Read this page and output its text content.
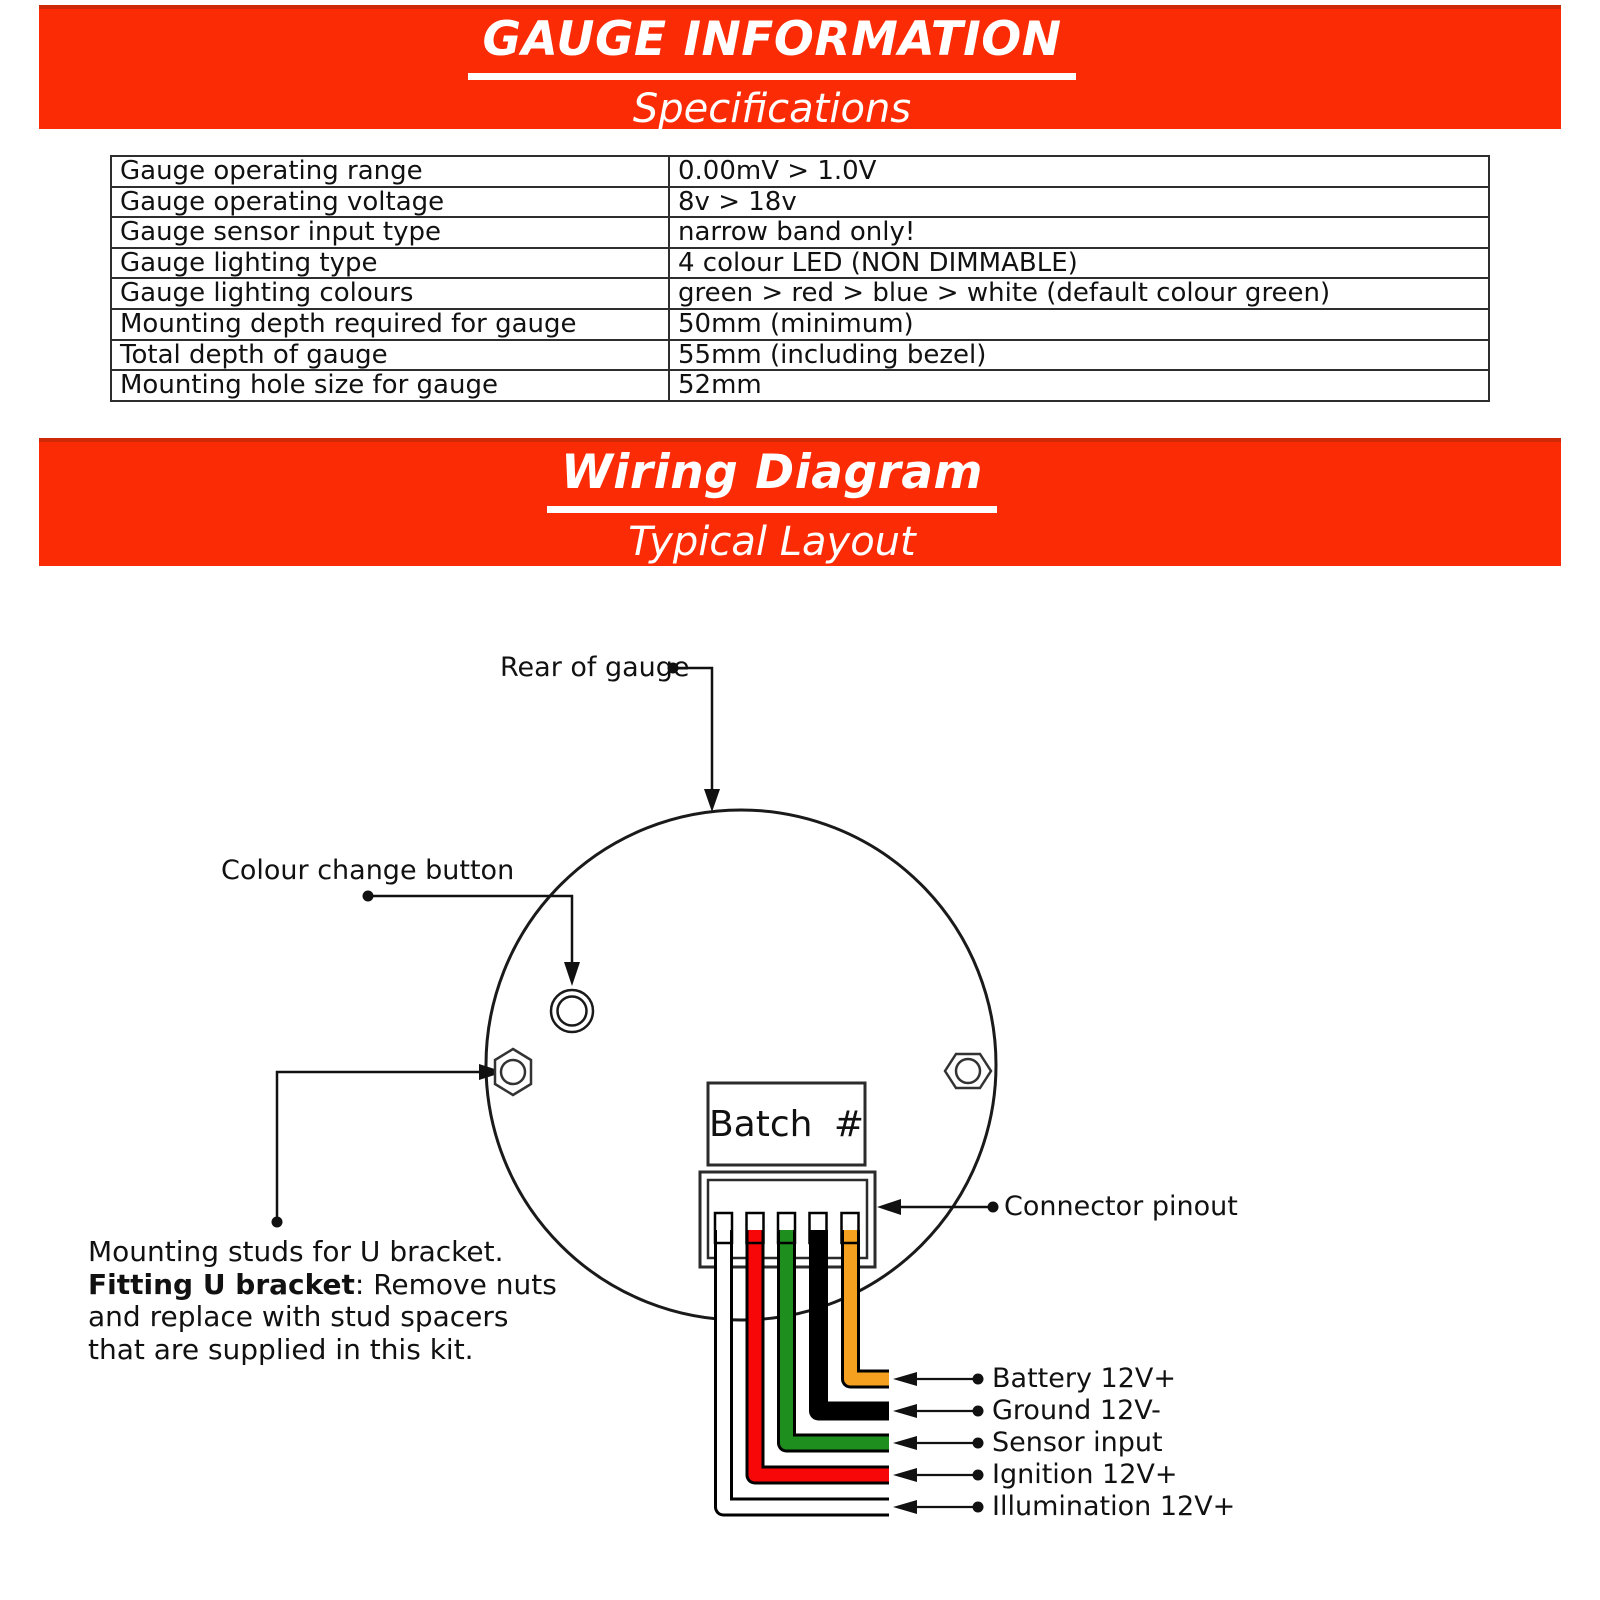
GAUGE INFORMATION
Specifications
Gauge operating range	0.00mV > 1.0V
Gauge operating voltage	8v > 18v
Gauge sensor input type	narrow band only!
Gauge lighting type	4 colour LED (NON DIMMABLE)
Gauge lighting colours	green > red > blue > white (default colour green)
Mounting depth required for gauge	50mm (minimum)
Total depth of gauge	55mm (including bezel)
Mounting hole size for gauge	52mm
Wiring Diagram
Typical Layout
Rear of gauge
Colour change button
Batch #
Connector pinout
Battery 12V+
Ground 12V-
Sensor input
Ignition 12V+
Illumination 12V+
Mounting studs for U bracket.
Fitting U bracket: Remove nuts
and replace with stud spacers
that are supplied in this kit.
